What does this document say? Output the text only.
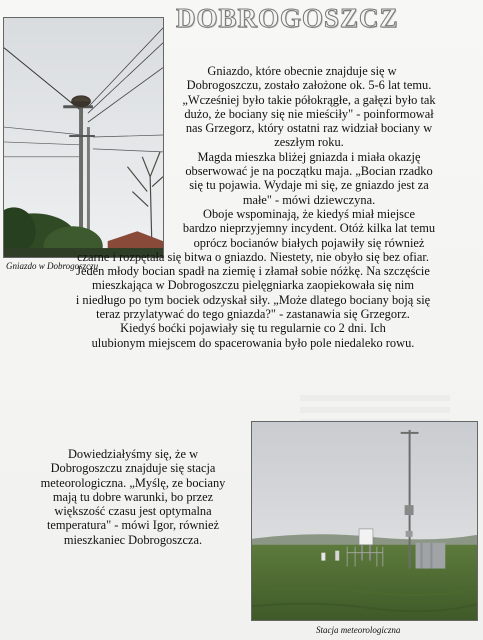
DOBROGOSZCZ
Gniazdo w Dobrogoszczu
Gniazdo, które obecnie znajduje się w
Dobrogoszczu, zostało założone ok. 5-6 lat temu.
„Wcześniej było takie półokrągłe, a gałęzi było tak
dużo, że bociany się nie mieściły" - poinformował
nas Grzegorz, który ostatni raz widział bociany w
zeszłym roku.
Magda mieszka bliżej gniazda i miała okazję
obserwować je na początku maja. „Bocian rzadko
się tu pojawia. Wydaje mi się, ze gniazdo jest za
małe" - mówi dziewczyna.
Oboje wspominają, że kiedyś miał miejsce
bardzo nieprzyjemny incydent. Otóż kilka lat temu
oprócz bocianów białych pojawiły się również
czarne i rozpętała się bitwa o gniazdo. Niestety, nie obyło się bez ofiar.
Jeden młody bocian spadł na ziemię i złamał sobie nóżkę. Na szczęście
mieszkająca w Dobrogoszczu pielęgniarka zaopiekowała się nim
i niedługo po tym bociek odzyskał siły. „Może dlatego bociany boją się
teraz przylatywać do tego gniazda?" - zastanawia się Grzegorz.
Kiedyś boćki pojawiały się tu regularnie co 2 dni. Ich
ulubionym miejscem do spacerowania było pole niedaleko rowu.
Dowiedziałyśmy się, że w
Dobrogoszczu znajduje się stacja
meteorologiczna. „Myślę, ze bociany
mają tu dobre warunki, bo przez
większość czasu jest optymalna
temperatura" - mówi Igor, również
mieszkaniec Dobrogoszcza.
Stacja meteorologiczna
